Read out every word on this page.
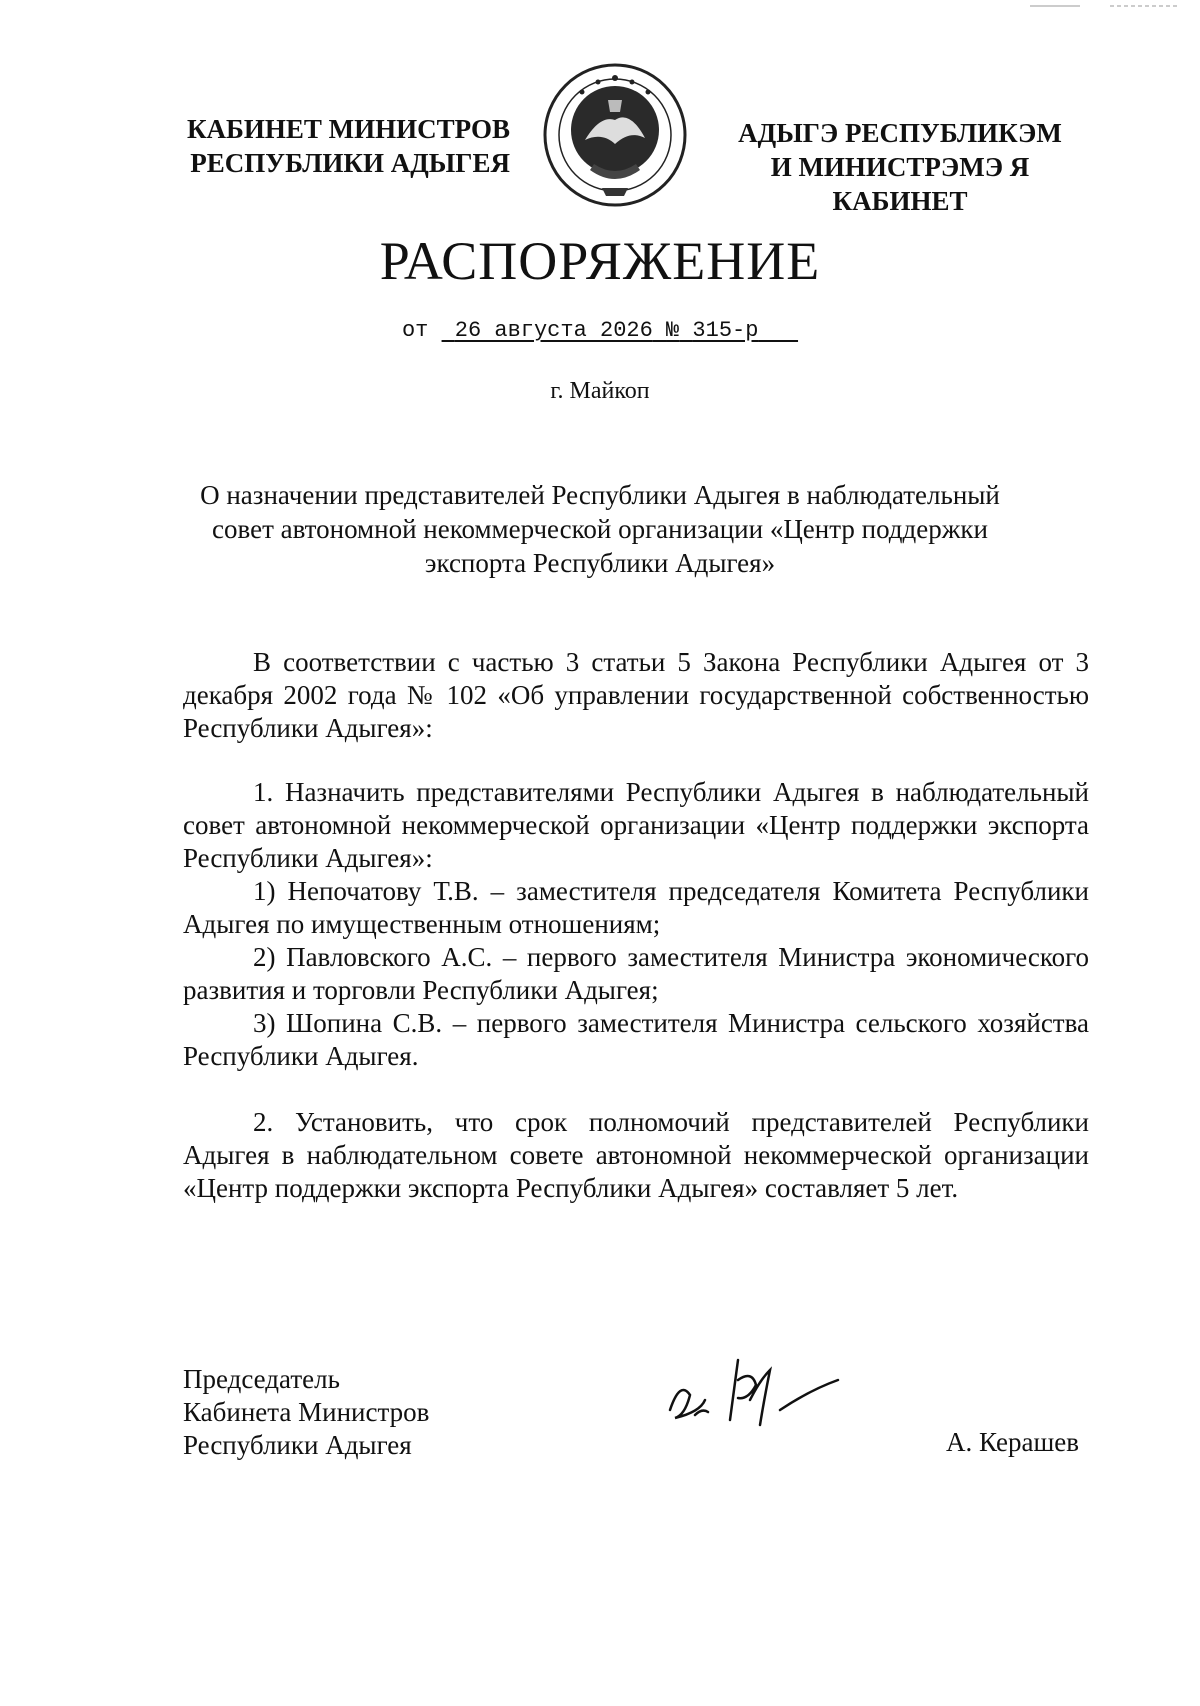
КАБИНЕТ МИНИСТРОВ
РЕСПУБЛИКИ АДЫГЕЯ
АДЫГЭ РЕСПУБЛИКЭМ
И МИНИСТРЭМЭ Я КАБИНЕТ
РАСПОРЯЖЕНИЕ
от 26 августа 2026 № 315-р
г. Майкоп
О назначении представителей Республики Адыгея в наблюдательный совет автономной некоммерческой организации «Центр поддержки экспорта Республики Адыгея»

В соответствии с частью 3 статьи 5 Закона Республики Адыгея от 3 декабря 2002 года № 102 «Об управлении государственной собственностью Республики Адыгея»:

1. Назначить представителями Республики Адыгея в наблюдательный совет автономной некоммерческой организации «Центр поддержки экспорта Республики Адыгея»:

1) Непочатову Т.В. – заместителя председателя Комитета Республики Адыгея по имущественным отношениям;

2) Павловского А.С. – первого заместителя Министра экономического развития и торговли Республики Адыгея;

3) Шопина С.В. – первого заместителя Министра сельского хозяйства Республики Адыгея.

2. Установить, что срок полномочий представителей Республики Адыгея в наблюдательном совете автономной некоммерческой организации «Центр поддержки экспорта Республики Адыгея» составляет 5 лет.

Председатель
Кабинета Министров
Республики Адыгея	А. Керашев
